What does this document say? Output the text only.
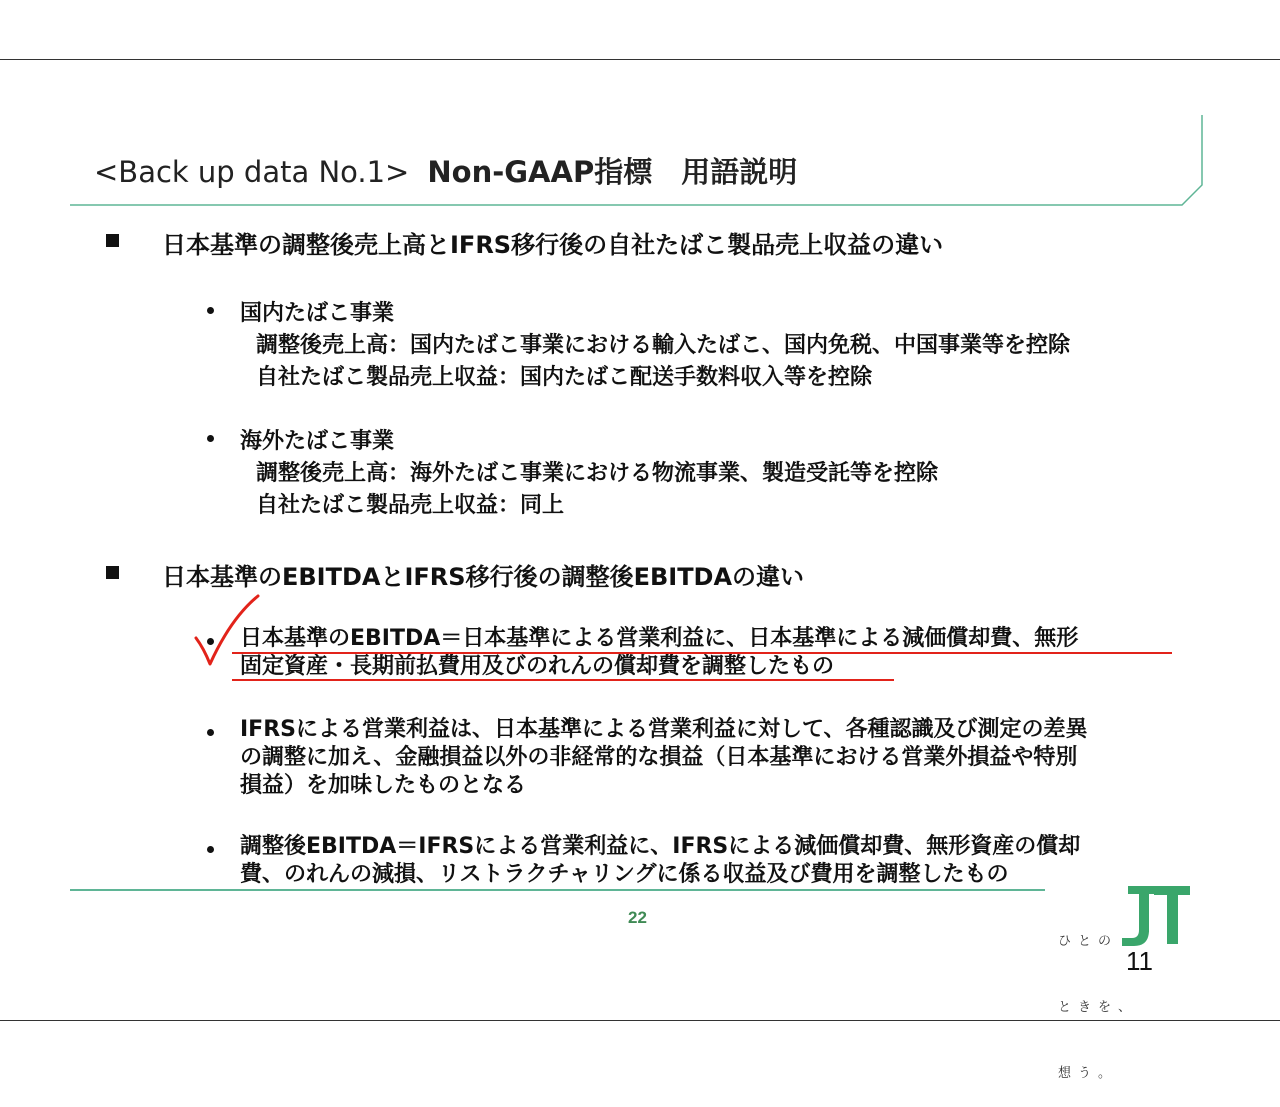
<Back up data No.1> Non-GAAP指標　用語説明
日本基準の調整後売上高とIFRS移行後の自社たばこ製品売上収益の違い
国内たばこ事業
調整後売上高：国内たばこ事業における輸入たばこ、国内免税、中国事業等を控除
自社たばこ製品売上収益：国内たばこ配送手数料収入等を控除
海外たばこ事業
調整後売上高：海外たばこ事業における物流事業、製造受託等を控除
自社たばこ製品売上収益：同上
日本基準のEBITDAとIFRS移行後の調整後EBITDAの違い
日本基準のEBITDA＝日本基準による営業利益に、日本基準による減価償却費、無形
固定資産・長期前払費用及びのれんの償却費を調整したもの
IFRSによる営業利益は、日本基準による営業利益に対して、各種認識及び測定の差異
の調整に加え、金融損益以外の非経常的な損益（日本基準における営業外損益や特別
損益）を加味したものとなる
調整後EBITDA＝IFRSによる営業利益に、IFRSによる減価償却費、無形資産の償却
費、のれんの減損、リストラクチャリングに係る収益及び費用を調整したもの
22

ひとの

ときを、

想う。

11
